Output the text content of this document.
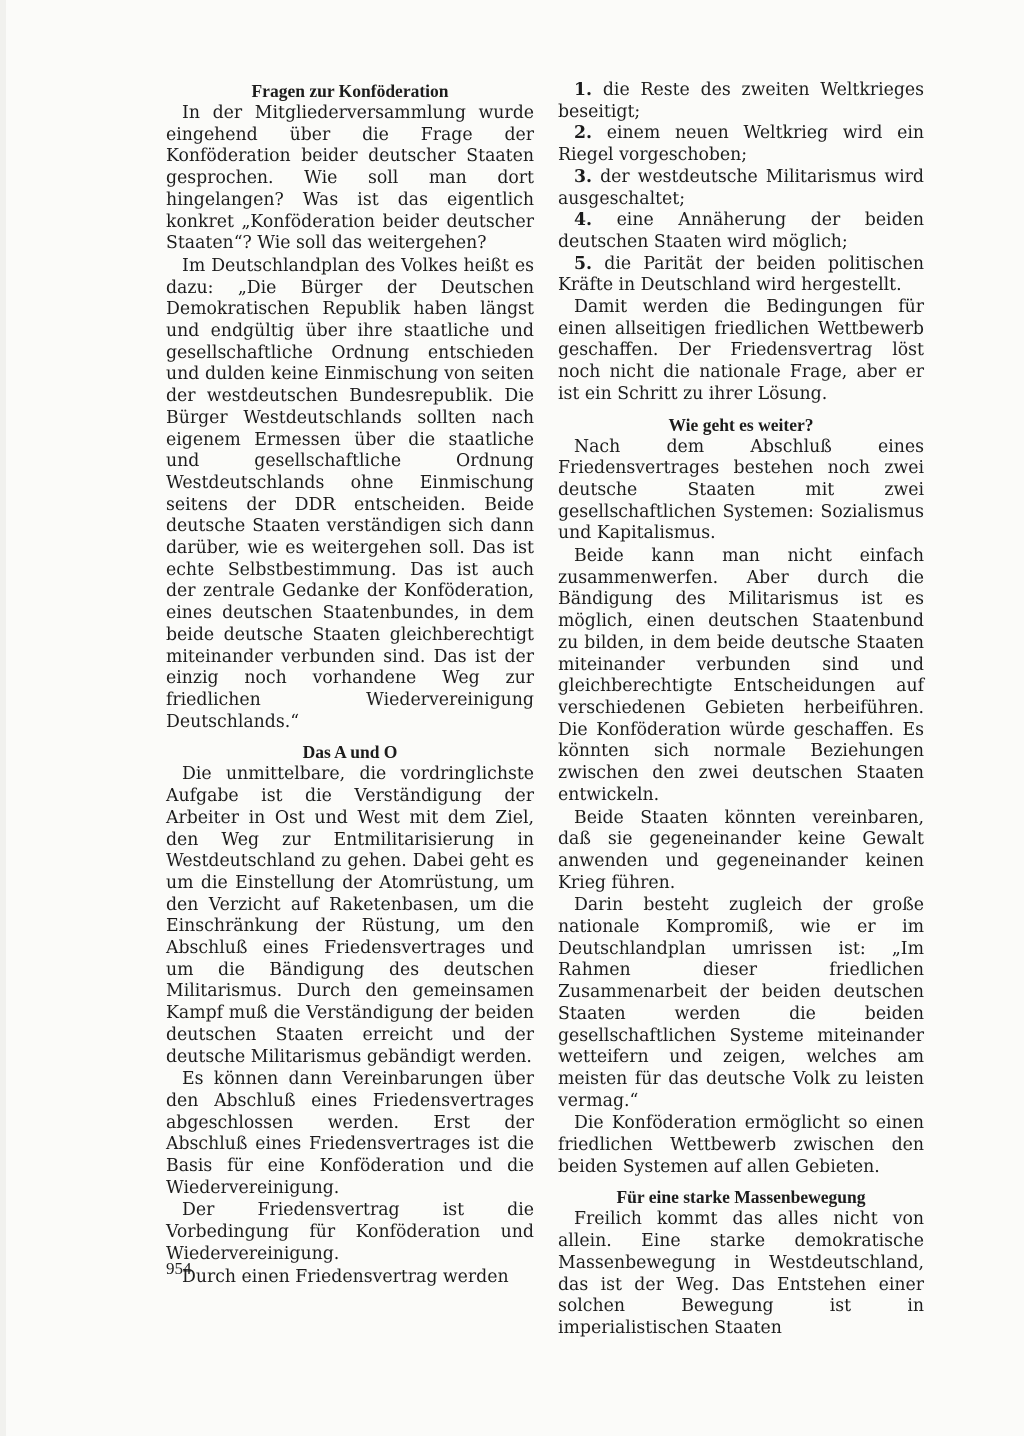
Fragen zur Konföderation

In der Mitgliederversammlung wurde eingehend über die Frage der Konföderation beider deutscher Staaten gesprochen. Wie soll man dort hingelangen? Was ist das eigentlich konkret „Konföderation beider deutscher Staaten“? Wie soll das weitergehen?

Im Deutschlandplan des Volkes heißt es dazu: „Die Bürger der Deutschen Demokratischen Republik haben längst und endgültig über ihre staatliche und gesellschaftliche Ordnung entschieden und dulden keine Einmischung von seiten der westdeutschen Bundesrepublik. Die Bürger Westdeutschlands sollten nach eigenem Ermessen über die staatliche und gesellschaftliche Ordnung Westdeutschlands ohne Einmischung seitens der DDR entscheiden. Beide deutsche Staaten verständigen sich dann darüber, wie es weitergehen soll. Das ist echte Selbstbestimmung. Das ist auch der zentrale Gedanke der Konföderation, eines deutschen Staatenbundes, in dem beide deutsche Staaten gleichberechtigt miteinander verbunden sind. Das ist der einzig noch vorhandene Weg zur friedlichen Wiedervereinigung Deutschlands.“

Das A und O

Die unmittelbare, die vordringlichste Aufgabe ist die Verständigung der Arbeiter in Ost und West mit dem Ziel, den Weg zur Entmilitarisierung in Westdeutschland zu gehen. Dabei geht es um die Einstellung der Atomrüstung, um den Verzicht auf Raketenbasen, um die Einschränkung der Rüstung, um den Abschluß eines Friedensvertrages und um die Bändigung des deutschen Militarismus. Durch den gemeinsamen Kampf muß die Verständigung der beiden deutschen Staaten erreicht und der deutsche Militarismus gebändigt werden.

Es können dann Vereinbarungen über den Abschluß eines Friedensvertrages abgeschlossen werden. Erst der Abschluß eines Friedensvertrages ist die Basis für eine Konföderation und die Wiedervereinigung.

Der Friedensvertrag ist die Vorbedingung für Konföderation und Wiedervereinigung.

Durch einen Friedensvertrag werden

1. die Reste des zweiten Weltkrieges beseitigt;

2. einem neuen Weltkrieg wird ein Riegel vorgeschoben;

3. der westdeutsche Militarismus wird ausgeschaltet;

4. eine Annäherung der beiden deutschen Staaten wird möglich;

5. die Parität der beiden politischen Kräfte in Deutschland wird hergestellt.

Damit werden die Bedingungen für einen allseitigen friedlichen Wettbewerb geschaffen. Der Friedensvertrag löst noch nicht die nationale Frage, aber er ist ein Schritt zu ihrer Lösung.

Wie geht es weiter?

Nach dem Abschluß eines Friedensvertrages bestehen noch zwei deutsche Staaten mit zwei gesellschaftlichen Systemen: Sozialismus und Kapitalismus.

Beide kann man nicht einfach zusammenwerfen. Aber durch die Bändigung des Militarismus ist es möglich, einen deutschen Staatenbund zu bilden, in dem beide deutsche Staaten miteinander verbunden sind und gleichberechtigte Entscheidungen auf verschiedenen Gebieten herbeiführen. Die Konföderation würde geschaffen. Es könnten sich normale Beziehungen zwischen den zwei deutschen Staaten entwickeln.

Beide Staaten könnten vereinbaren, daß sie gegeneinander keine Gewalt anwenden und gegeneinander keinen Krieg führen.

Darin besteht zugleich der große nationale Kompromiß, wie er im Deutschlandplan umrissen ist: „Im Rahmen dieser friedlichen Zusammenarbeit der beiden deutschen Staaten werden die beiden gesellschaftlichen Systeme miteinander wetteifern und zeigen, welches am meisten für das deutsche Volk zu leisten vermag.“

Die Konföderation ermöglicht so einen friedlichen Wettbewerb zwischen den beiden Systemen auf allen Gebieten.

Für eine starke Massenbewegung

Freilich kommt das alles nicht von allein. Eine starke demokratische Massenbewegung in Westdeutschland, das ist der Weg. Das Entstehen einer solchen Bewegung ist in imperialistischen Staaten

954
